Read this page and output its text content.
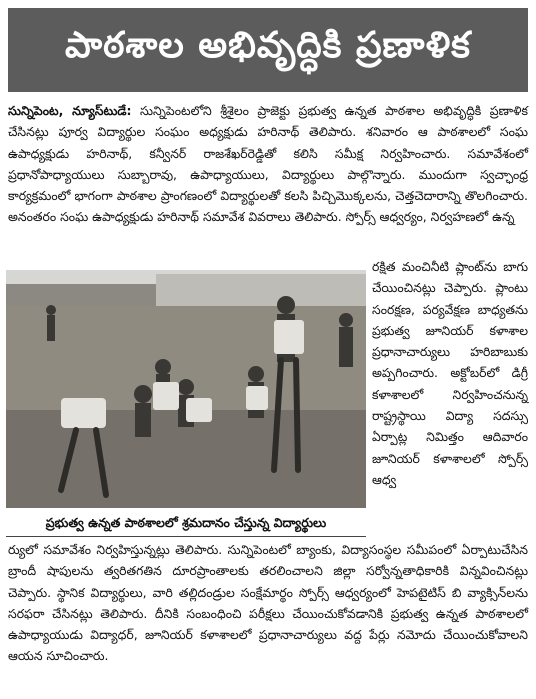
పాఠశాల అభివృద్ధికి ప్రణాళిక

సున్నిపెంట, న్యూస్‌టుడే: సున్నిపెంటలోని శ్రీశైలం ప్రాజెక్టు ప్రభుత్వ ఉన్నత పాఠశాల అభివృద్ధికి ప్రణాళిక చేసినట్లు పూర్వ విద్యార్థుల సంఘం అధ్యక్షుడు హరినాథ్ తెలిపారు. శనివారం ఆ పాఠశాలలో సంఘ ఉపాధ్యక్షుడు హరినాథ్, కన్వీనర్ రాజశేఖర్‌రెడ్డితో కలిసి సమీక్ష నిర్వహించారు. సమావేశంలో ప్రధానోపాధ్యాయులు సుబ్బారావు, ఉపాధ్యాయులు, విద్యార్థులు పాల్గొన్నారు. ముందుగా స్వచ్ఛాంధ్ర కార్యక్రమంలో భాగంగా పాఠశాల ప్రాంగణంలో విద్యార్థులతో కలసి పిచ్చిమొక్కలను, చెత్తచెదారాన్ని తొలగించారు. అనంతరం సంఘ ఉపాధ్యక్షుడు హరినాథ్ సమావేశ వివరాలు తెలిపారు. స్పోర్స్ ఆధ్వర్యం, నిర్వహణలో ఉన్న

ప్రభుత్వ ఉన్నత పాఠశాలలో శ్రమదానం చేస్తున్న విద్యార్థులు
రక్షిత మంచినీటి ప్లాంట్‌ను బాగు చేయించినట్లు చెప్పారు. ప్లాంటు సంరక్షణ, పర్యవేక్షణ బాధ్యతను ప్రభుత్వ జూనియర్ కళాశాల ప్రధానాచార్యులు హరిబాబుకు అప్పగించారు. అక్టోబర్‌లో డిగ్రీ కళాశాలలో నిర్వహించనున్న రాష్ట్రస్థాయి విద్యా సదస్సు ఏర్పాట్ల నిమిత్తం ఆదివారం జూనియర్ కళాశాలలో స్పోర్స్ ఆధ్వ
ర్యులో సమావేశం నిర్వహిస్తున్నట్లు తెలిపారు. సున్నిపెంటలో బ్యాంకు, విద్యాసంస్థల సమీపంలో ఏర్పాటుచేసిన బ్రాందీ షాపులను త్వరితగతిన దూరప్రాంతాలకు తరలించాలని జిల్లా సర్వోన్నతాధికారికి విన్నవించినట్లు చెప్పారు. స్థానిక విద్యార్థులు, వారి తల్లిదండ్రుల సంక్షేమార్థం స్పోర్స్ ఆధ్వర్యంలో హెపటైటిస్ బి వ్యాక్సిన్‌లను సరఫరా చేసినట్లు తెలిపారు. దీనికి సంబంధించి పరీక్షలు చేయించుకోవడానికి ప్రభుత్వ ఉన్నత పాఠశాలలో ఉపాధ్యాయుడు విద్యాధర్, జూనియర్ కళాశాలలో ప్రధానాచార్యులు వద్ద పేర్లు నమోదు చేయించుకోవాలని ఆయన సూచించారు.
